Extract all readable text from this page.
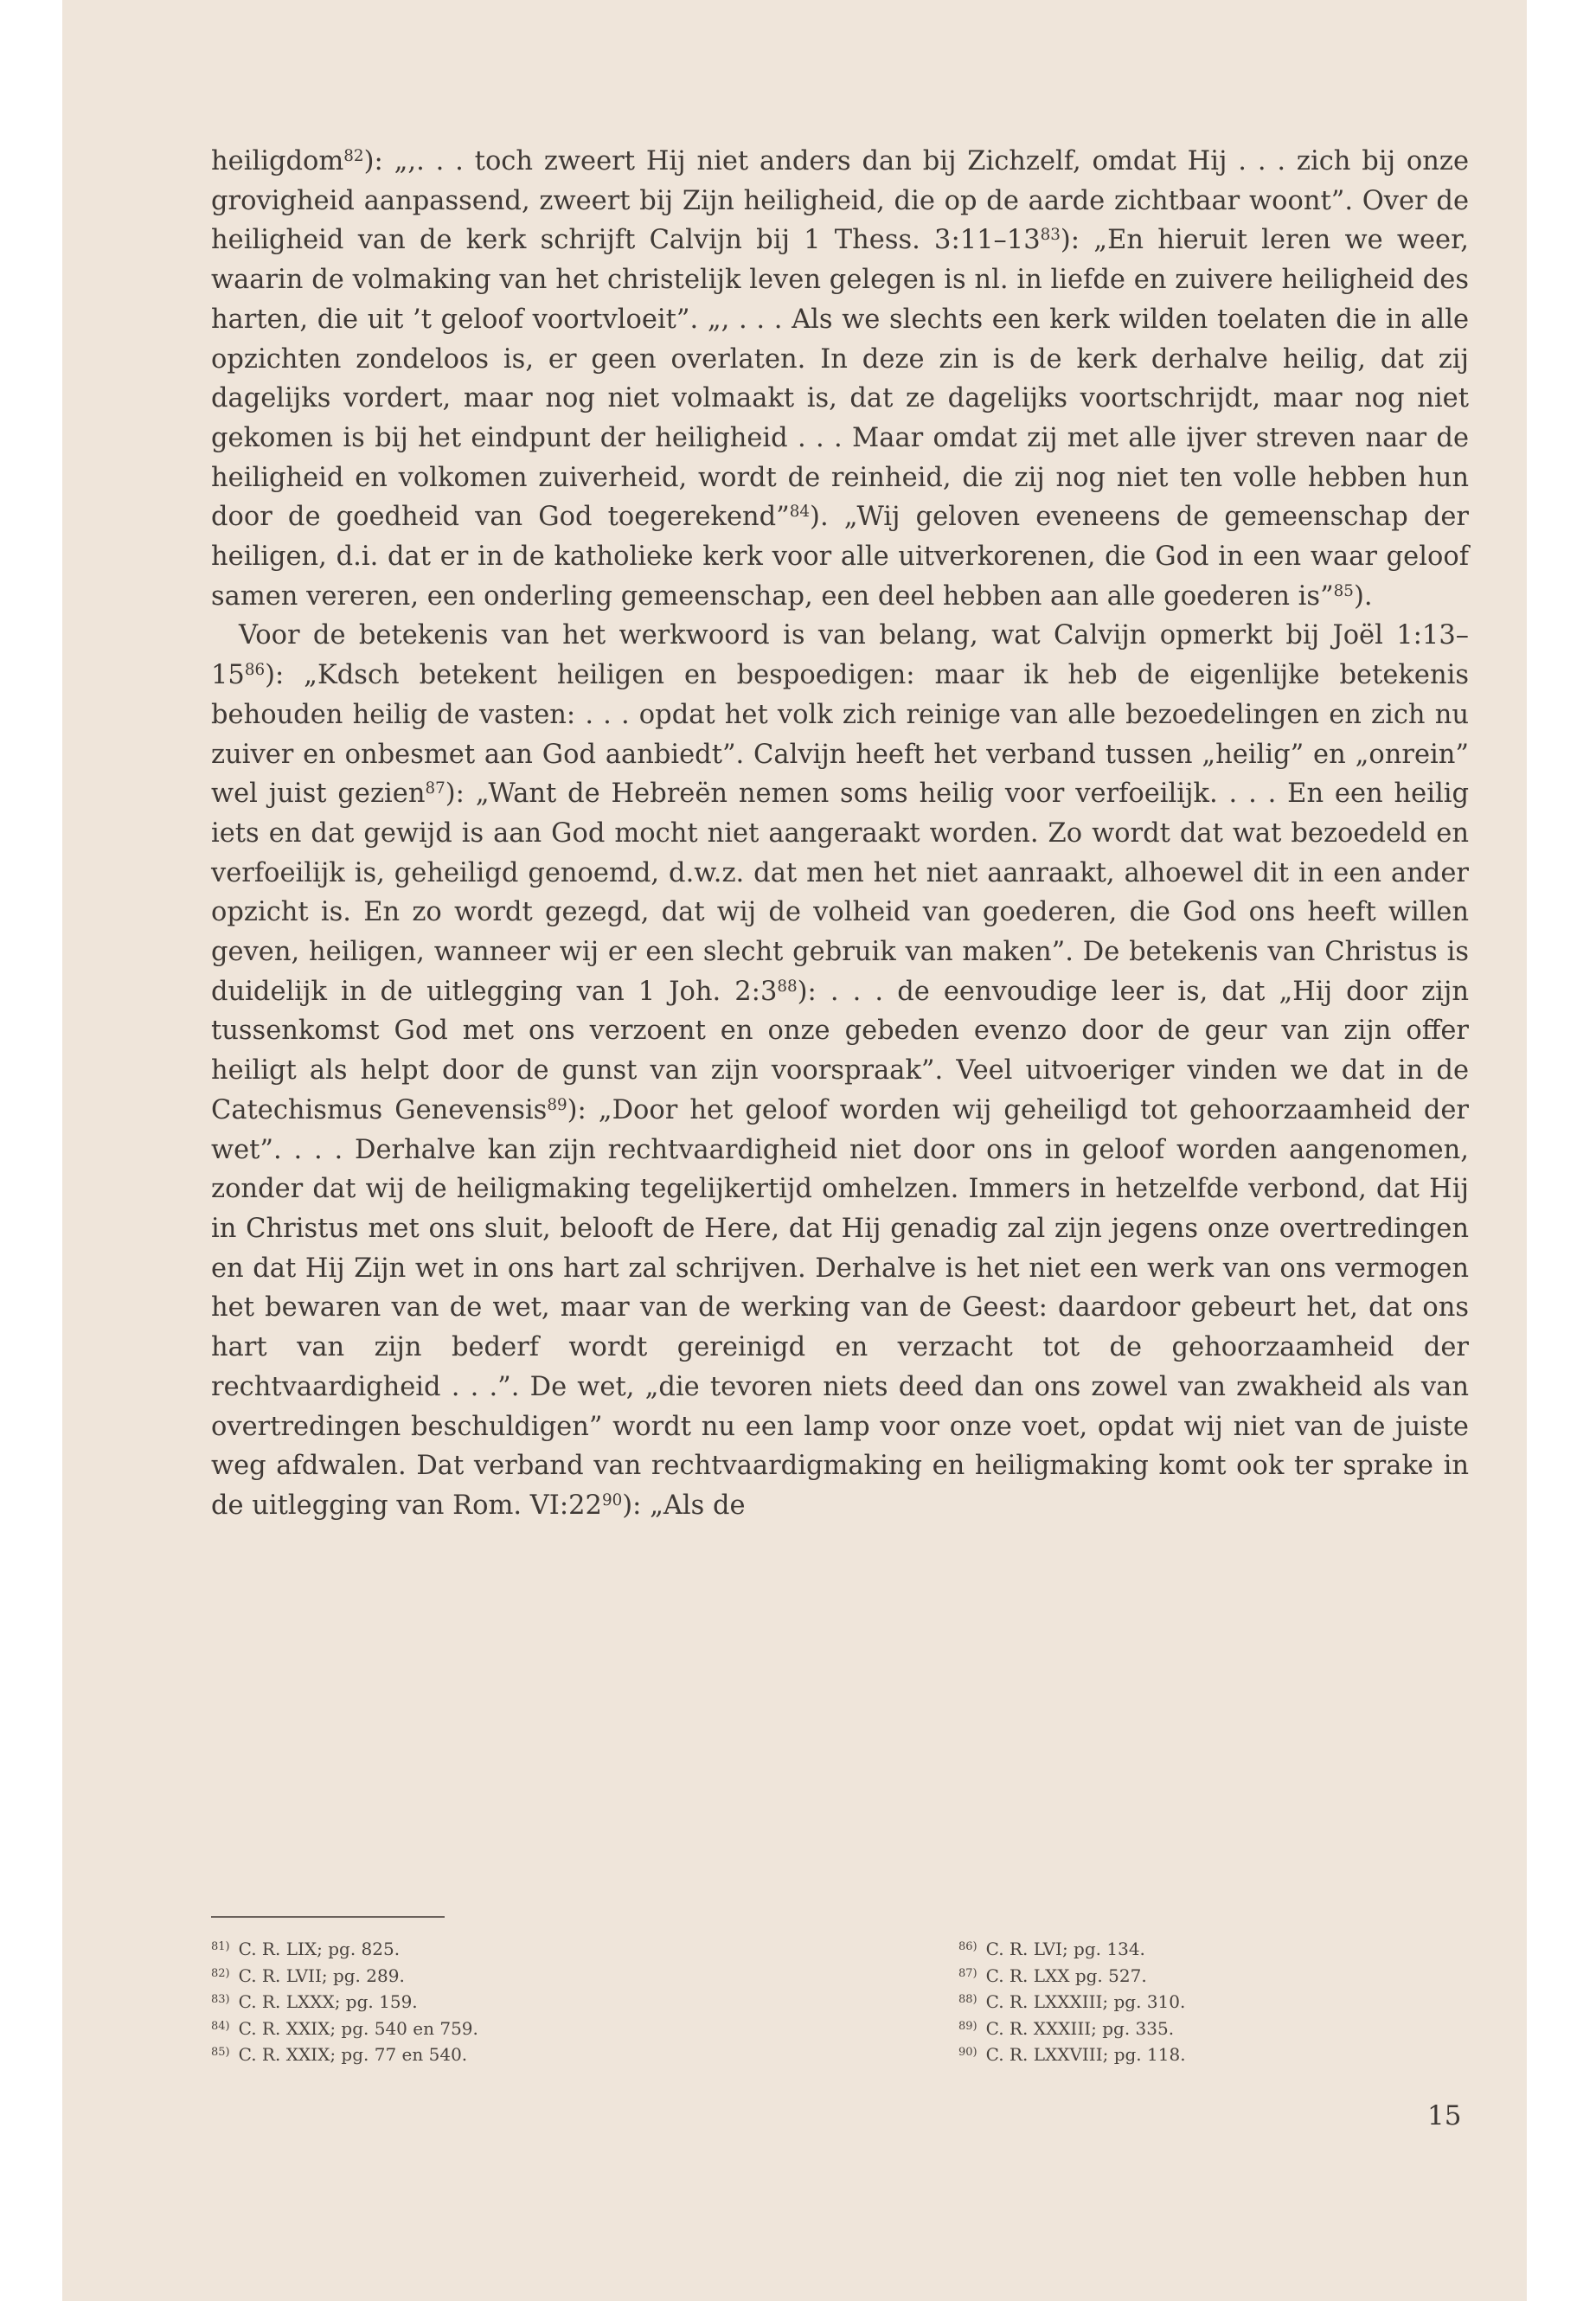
heiligdom$^{82}$): „,. . . toch zweert Hij niet anders dan bij Zichzelf, omdat Hij . . . zich bij onze grovigheid aanpassend, zweert bij Zijn heiligheid, die op de aarde zichtbaar woont”. Over de heiligheid van de kerk schrijft Calvijn bij 1 Thess. $3:11-13^{83}$): „En hieruit leren we weer, waarin de volmaking van het christelijk leven gelegen is nl. in liefde en zuivere heiligheid des harten, die uit ’t geloof voortvloeit”. „, . . . Als we slechts een kerk wilden toelaten die in alle opzichten zondeloos is, er geen overlaten. In deze zin is de kerk derhalve heilig, dat zij dagelijks vordert, maar nog niet volmaakt is, dat ze dagelijks voortschrijdt, maar nog niet gekomen is bij het eindpunt der heiligheid . . . Maar omdat zij met alle ijver streven naar de heiligheid en volkomen zuiverheid, wordt de reinheid, die zij nog niet ten volle hebben hun door de goedheid van God toegerekend”$^{84}$). „Wij geloven eveneens de gemeenschap der heiligen, d.i. dat er in de katholieke kerk voor alle uitverkorenen, die God in een waar geloof samen vereren, een onderling gemeenschap, een deel hebben aan alle goederen is”$^{85}$).

Voor de betekenis van het werkwoord is van belang, wat Calvijn opmerkt bij Joël $1:13-15^{86}$): „Kdsch betekent heiligen en bespoedigen: maar ik heb de eigenlijke betekenis behouden heilig de vasten: . . . opdat het volk zich reinige van alle bezoedelingen en zich nu zuiver en onbesmet aan God aanbiedt”. Calvijn heeft het verband tussen „heilig” en „onrein” wel juist gezien$^{87}$): „Want de Hebreën nemen soms heilig voor verfoeilijk. . . . En een heilig iets en dat gewijd is aan God mocht niet aangeraakt worden. Zo wordt dat wat bezoedeld en verfoeilijk is, geheiligd genoemd, d.w.z. dat men het niet aanraakt, alhoewel dit in een ander opzicht is. En zo wordt gezegd, dat wij de volheid van goederen, die God ons heeft willen geven, heiligen, wanneer wij er een slecht gebruik van maken”. De betekenis van Christus is duidelijk in de uitlegging van 1 Joh. $2:3^{88}$): . . . de eenvoudige leer is, dat „Hij door zijn tussenkomst God met ons verzoent en onze gebeden evenzo door de geur van zijn offer heiligt als helpt door de gunst van zijn voorspraak”. Veel uitvoeriger vinden we dat in de Catechismus Genevensis$^{89}$): „Door het geloof worden wij geheiligd tot gehoorzaamheid der wet”. . . . Derhalve kan zijn rechtvaardigheid niet door ons in geloof worden aangenomen, zonder dat wij de heiligmaking tegelijkertijd omhelzen. Immers in hetzelfde verbond, dat Hij in Christus met ons sluit, belooft de Here, dat Hij genadig zal zijn jegens onze overtredingen en dat Hij Zijn wet in ons hart zal schrijven. Derhalve is het niet een werk van ons vermogen het bewaren van de wet, maar van de werking van de Geest: daardoor gebeurt het, dat ons hart van zijn bederf wordt gereinigd en verzacht tot de gehoorzaamheid der rechtvaardigheid . . .”. De wet, „die tevoren niets deed dan ons zowel van zwakheid als van overtredingen beschuldigen” wordt nu een lamp voor onze voet, opdat wij niet van de juiste weg afdwalen. Dat verband van rechtvaardigmaking en heiligmaking komt ook ter sprake in de uitlegging van Rom. $VI:22^{90}$): „Als de

$^{81)}$ C. R. LIX; pg. 825.
$^{82)}$ C. R. LVII; pg. 289.
$^{83)}$ C. R. LXXX; pg. 159.
$^{84)}$ C. R. XXIX; pg. 540 en 759.
$^{85)}$ C. R. XXIX; pg. 77 en 540.
$^{86)}$ C. R. LVI; pg. 134.
$^{87)}$ C. R. LXX pg. 527.
$^{88)}$ C. R. LXXXIII; pg. 310.
$^{89)}$ C. R. XXXIII; pg. 335.
$^{90)}$ C. R. LXXVIII; pg. 118.
15
